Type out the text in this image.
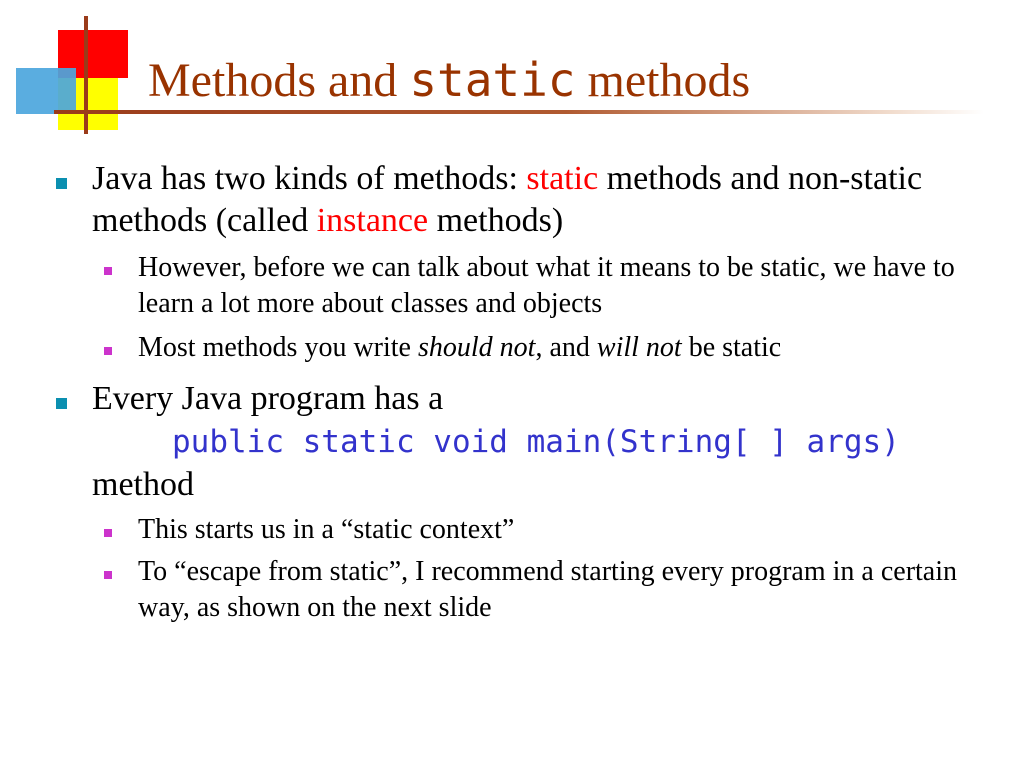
Methods and static methods
Java has two kinds of methods: static methods and non-static methods (called instance methods)
However, before we can talk about what it means to be static, we have to learn a lot more about classes and objects
Most methods you write should not, and will not be static
Every Java program has a
public static void main(String[ ] args)
method
This starts us in a “static context”
To “escape from static”, I recommend starting every program in a certain way, as shown on the next slide
